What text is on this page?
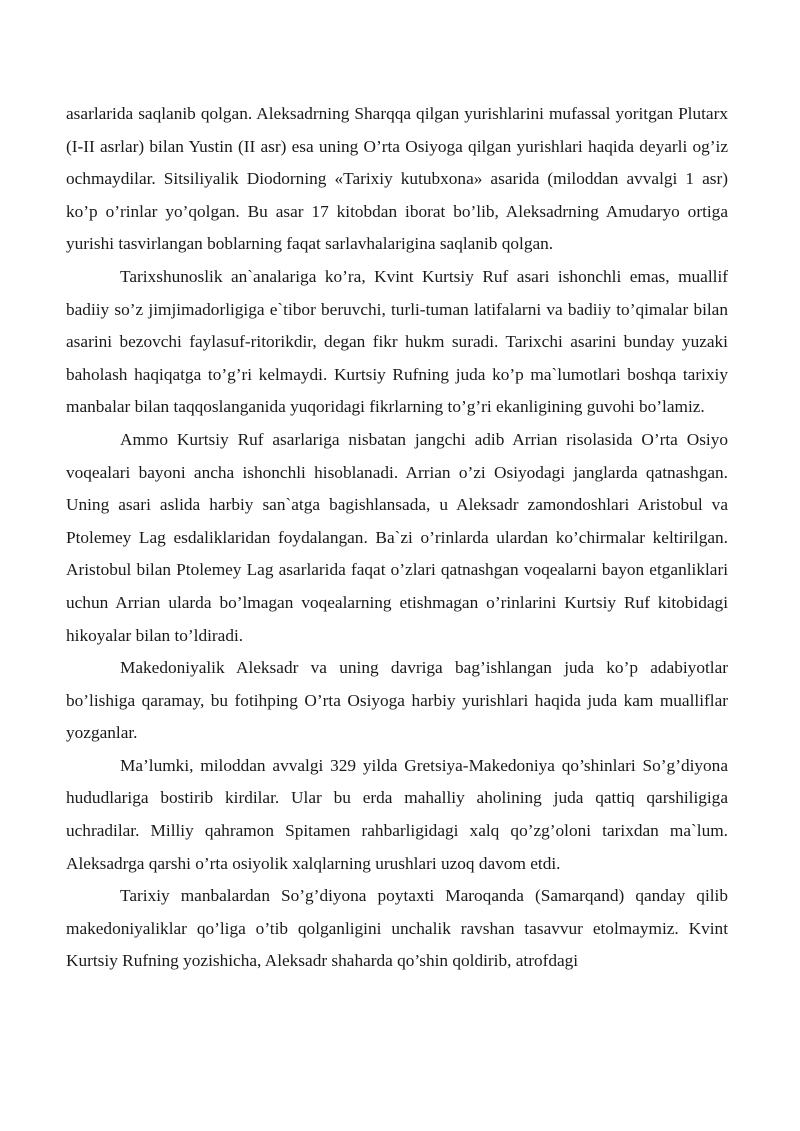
asarlarida saqlanib qolgan. Aleksadrning Sharqqa qilgan yurishlarini mufassal yoritgan Plutarx (I-II asrlar) bilan Yustin (II asr) esa uning O’rta Osiyoga qilgan yurishlari haqida deyarli og’iz ochmaydilar. Sitsiliyalik Diodorning «Tarixiy kutubxona» asarida (miloddan avvalgi 1 asr) ko’p o’rinlar yo’qolgan. Bu asar 17 kitobdan iborat bo’lib, Aleksadrning Amudaryo ortiga yurishi tasvirlangan boblarning faqat sarlavhalarigina saqlanib qolgan.

Tarixshunoslik an`analariga ko’ra, Kvint Kurtsiy Ruf asari ishonchli emas, muallif badiiy so’z jimjimadorligiga e`tibor beruvchi, turli-tuman latifalarni va badiiy to’qimalar bilan asarini bezovchi faylasuf-ritorikdir, degan fikr hukm suradi. Tarixchi asarini bunday yuzaki baholash haqiqatga to’g’ri kelmaydi. Kurtsiy Rufning juda ko’p ma`lumotlari boshqa tarixiy manbalar bilan taqqoslanganida yuqoridagi fikrlarning to’g’ri ekanligining guvohi bo’lamiz.

Ammo Kurtsiy Ruf asarlariga nisbatan jangchi adib Arrian risolasida O’rta Osiyo voqealari bayoni ancha ishonchli hisoblanadi. Arrian o’zi Osiyodagi janglarda qatnashgan. Uning asari aslida harbiy san`atga bagishlansada, u Aleksadr zamondoshlari Aristobul va Ptolemey Lag esdaliklaridan foydalangan. Ba`zi o’rinlarda ulardan ko’chirmalar keltirilgan. Aristobul bilan Ptolemey Lag asarlarida faqat o’zlari qatnashgan voqealarni bayon etganliklari uchun Arrian ularda bo’lmagan voqealarning etishmagan o’rinlarini Kurtsiy Ruf kitobidagi hikoyalar bilan to’ldiradi.

Makedoniyalik Aleksadr va uning davriga bag’ishlangan juda ko’p adabiyotlar bo’lishiga qaramay, bu fotihping O’rta Osiyoga harbiy yurishlari haqida juda kam mualliflar yozganlar.

Ma’lumki, miloddan avvalgi 329 yilda Gretsiya-Makedoniya qo’shinlari So’g’diyona hududlariga bostirib kirdilar. Ular bu erda mahalliy aholining juda qattiq qarshiligiga uchradilar. Milliy qahramon Spitamen rahbarligidagi xalq qo’zg’oloni tarixdan ma`lum. Aleksadrga qarshi o’rta osiyolik xalqlarning urushlari uzoq davom etdi.

Tarixiy manbalardan So’g’diyona poytaxti Maroqanda (Samarqand) qanday qilib makedoniyaliklar qo’liga o’tib qolganligini unchalik ravshan tasavvur etolmaymiz. Kvint Kurtsiy Rufning yozishicha, Aleksadr shaharda qo’shin qoldirib, atrofdagi
